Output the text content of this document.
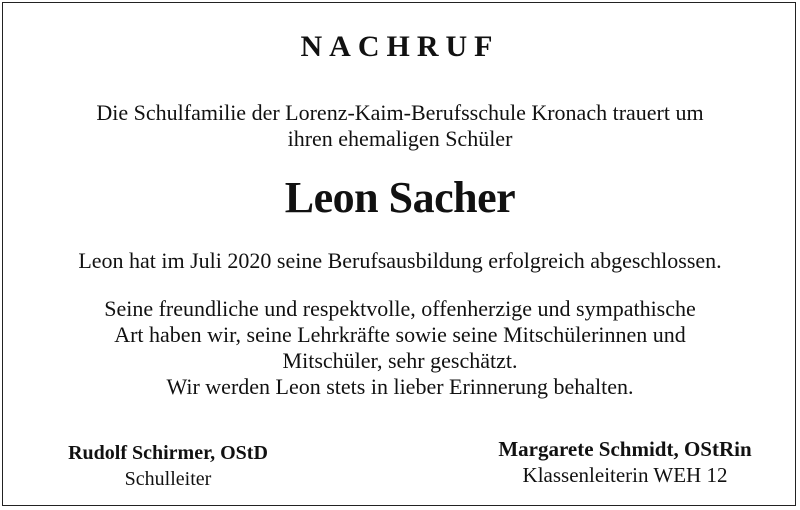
NACHRUF
Die Schulfamilie der Lorenz-Kaim-Berufsschule Kronach trauert um
ihren ehemaligen Schüler
Leon Sacher
Leon hat im Juli 2020 seine Berufsausbildung erfolgreich abgeschlossen.
Seine freundliche und respektvolle, offenherzige und sympathische
Art haben wir, seine Lehrkräfte sowie seine Mitschülerinnen und
Mitschüler, sehr geschätzt.
Wir werden Leon stets in lieber Erinnerung behalten.
Rudolf Schirmer, OStD
Schulleiter
Margarete Schmidt, OStRin
Klassenleiterin WEH 12
